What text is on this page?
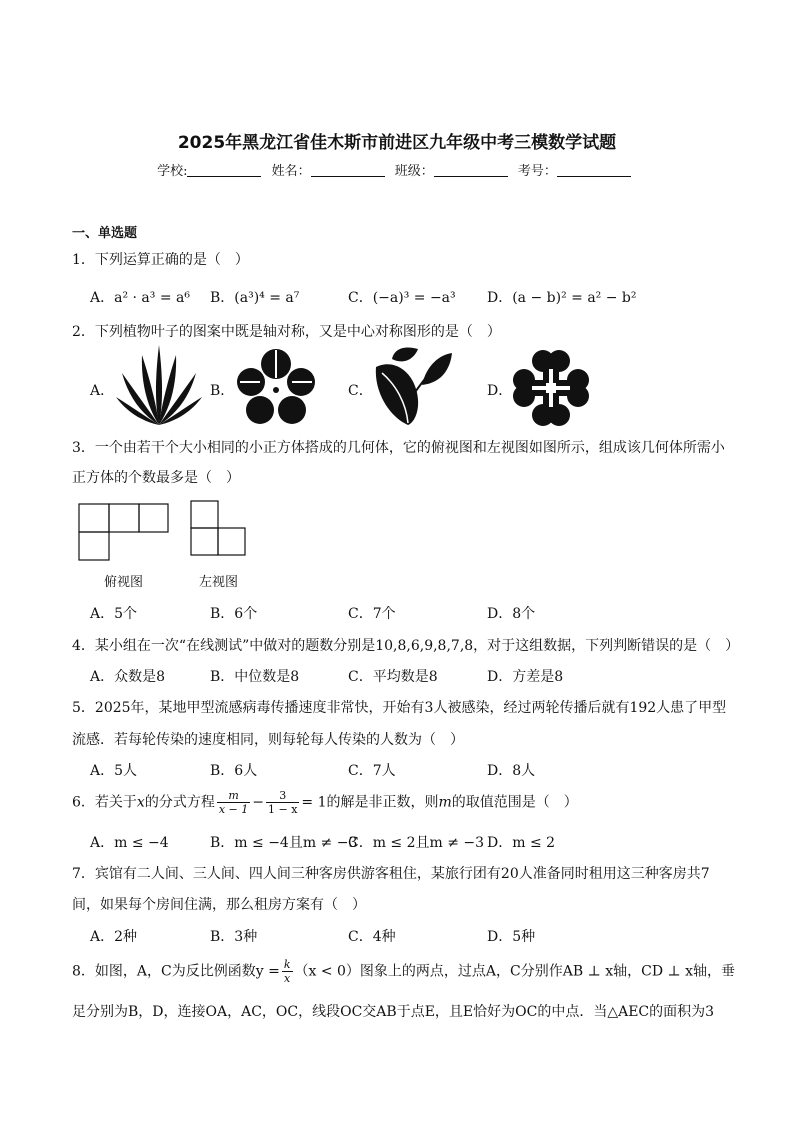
2025年黑龙江省佳木斯市前进区九年级中考三模数学试题
学校:	姓名：	班级：	考号：
一、单选题
1．下列运算正确的是（　）
A．a² · a³ = a⁶ B．(a³)⁴ = a⁷	C．(−a)³ = −a³ D．(a − b)² = a² − b²
2．下列植物叶子的图案中既是轴对称，又是中心对称图形的是（　）
A．	B．	C．	D．
3．一个由若干个大小相同的小正方体搭成的几何体，它的俯视图和左视图如图所示，组成该几何体所需小
正方体的个数最多是（　）
俯视图	左视图
A．5个	B．6个	C．7个	D．8个
4．某小组在一次“在线测试”中做对的题数分别是10,8,6,9,8,7,8，对于这组数据，下列判断错误的是（　）
A．众数是8	B．中位数是8	C．平均数是8	D．方差是8
5．2025年，某地甲型流感病毒传播速度非常快，开始有3人被感染，经过两轮传播后就有192人患了甲型
流感．若每轮传染的速度相同，则每轮每人传染的人数为（　）
A．5人	B．6人	C．7人	D．8人
6．若关于x的分式方程 $\frac{m}{x - 1} - \frac{3}{1 - x} = 1$的解是非正数，则m的取值范围是（　）
A．m ≤ −4	B．m ≤ −4且m ≠ −3
C．m ≤ 2且m ≠ −3 D．m ≤ 2
7．宾馆有二人间、三人间、四人间三种客房供游客租住，某旅行团有20人准备同时租用这三种客房共7
间，如果每个房间住满，那么租房方案有（　）
A．2种	B．3种	C．4种	D．5种
8．如图，A，C为反比例函数$y = \frac{k}{x} (x < 0)$图象上的两点，过点A，C分别作AB ⊥ x轴，CD ⊥ x轴，垂
足分别为B，D，连接OA，AC，OC，线段OC交AB于点E，且E恰好为OC的中点．当△AEC的面积为3
